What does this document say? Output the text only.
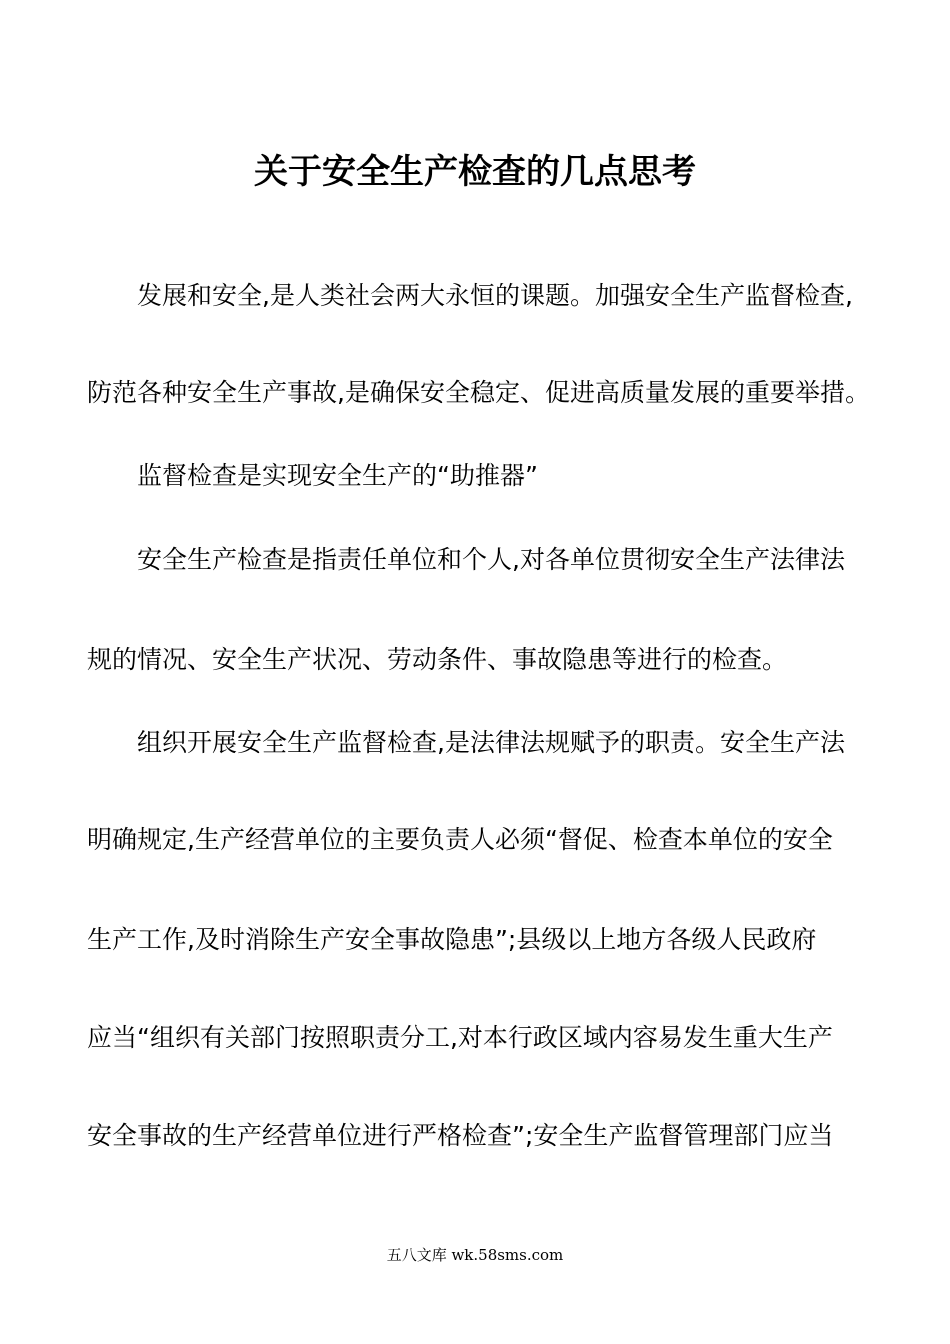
关于安全生产检查的几点思考
发展和安全,是人类社会两大永恒的课题。加强安全生产监督检查,
防范各种安全生产事故,是确保安全稳定、促进高质量发展的重要举措。
监督检查是实现安全生产的“助推器”
安全生产检查是指责任单位和个人,对各单位贯彻安全生产法律法
规的情况、安全生产状况、劳动条件、事故隐患等进行的检查。
组织开展安全生产监督检查,是法律法规赋予的职责。安全生产法
明确规定,生产经营单位的主要负责人必须“督促、检查本单位的安全
生产工作,及时消除生产安全事故隐患”;县级以上地方各级人民政府
应当“组织有关部门按照职责分工,对本行政区域内容易发生重大生产
安全事故的生产经营单位进行严格检查”;安全生产监督管理部门应当
五八文库 wk.58sms.com
